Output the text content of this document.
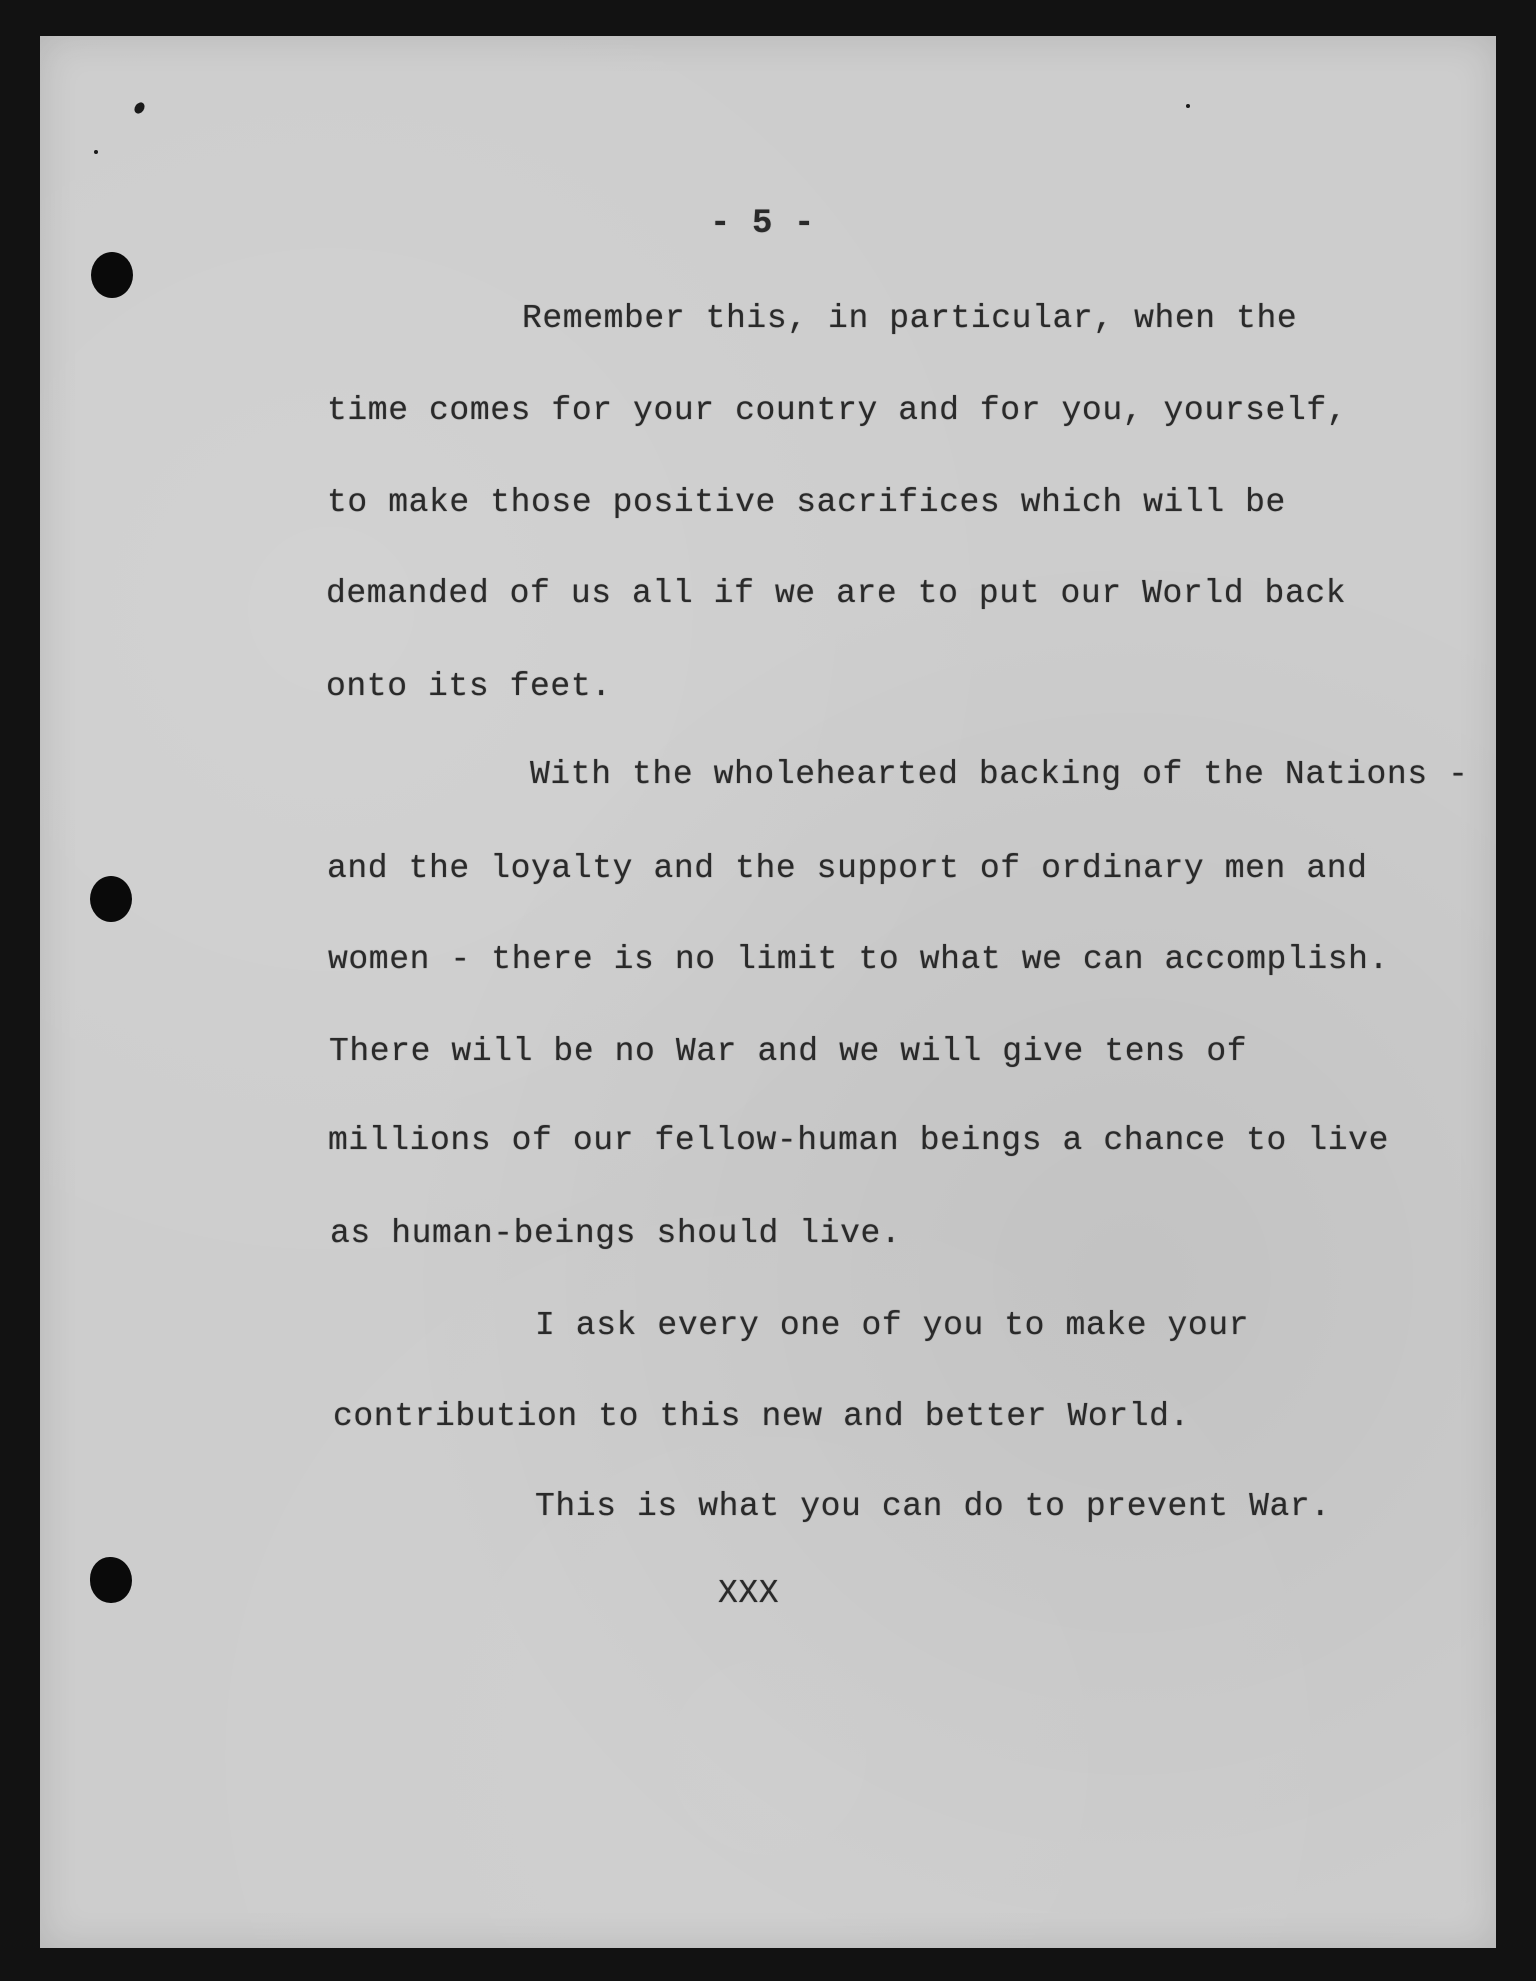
- 5 -

Remember this, in particular, when the

time comes for your country and for you, yourself,

to make those positive sacrifices which will be

demanded of us all if we are to put our World back

onto its feet.

With the wholehearted backing of the Nations -

and the loyalty and the support of ordinary men and

women - there is no limit to what we can accomplish.

There will be no War and we will give tens of

millions of our fellow-human beings a chance to live

as human-beings should live.

I ask every one of you to make your

contribution to this new and better World.

This is what you can do to prevent War.

XXX
